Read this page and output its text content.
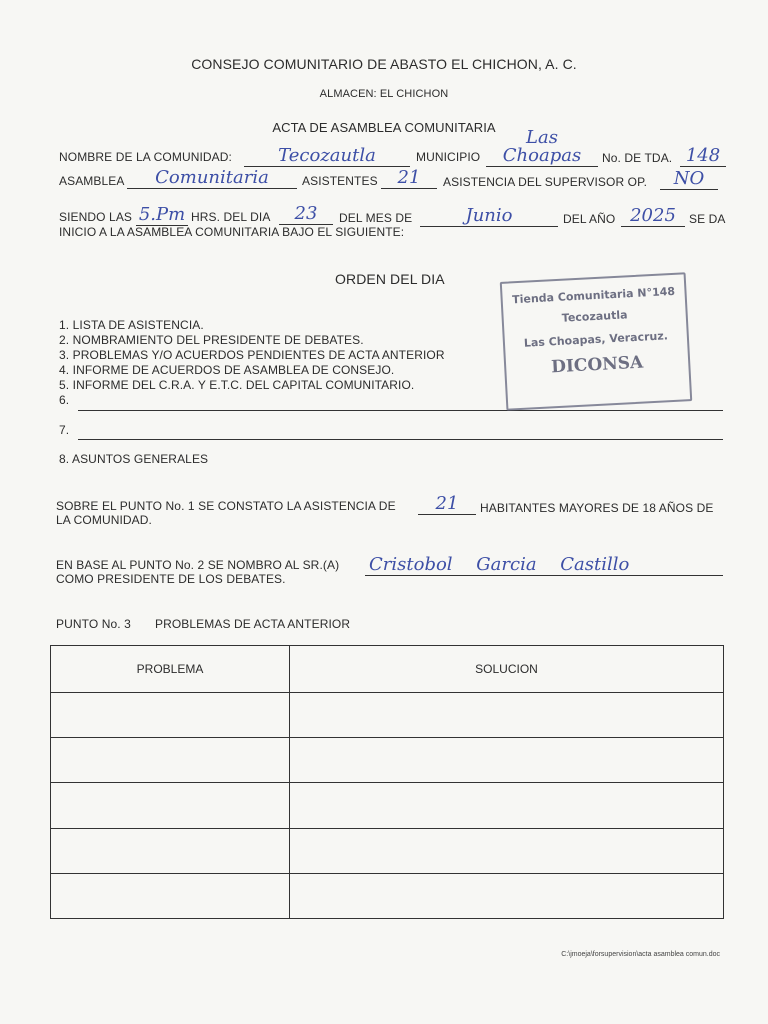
CONSEJO COMUNITARIO DE ABASTO EL CHICHON, A. C.
ALMACEN: EL CHICHON
ACTA DE ASAMBLEA COMUNITARIA
NOMBRE DE LA COMUNIDAD:	Tecozautla	MUNICIPIO
Las Choapas	No. DE TDA. 148
ASAMBLEA	Comunitaria	ASISTENTES	21	ASISTENCIA DEL SUPERVISOR OP.	NO
SIENDO LAS 5.Pm HRS. DEL DIA	23	DEL MES DE	Junio	DEL AÑO 2025	SE DA
INICIO A LA ASAMBLEA COMUNITARIA BAJO EL SIGUIENTE:
ORDEN DEL DIA
1. LISTA DE ASISTENCIA.
2. NOMBRAMIENTO DEL PRESIDENTE DE DEBATES.
3. PROBLEMAS Y/O ACUERDOS PENDIENTES DE ACTA ANTERIOR
4. INFORME DE ACUERDOS DE ASAMBLEA DE CONSEJO.
5. INFORME DEL C.R.A. Y E.T.C. DEL CAPITAL COMUNITARIO.
6.
7.
8. ASUNTOS GENERALES
Tienda Comunitaria N°148
Tecozautla
Las Choapas, Veracruz.
DICONSA
SOBRE EL PUNTO No. 1 SE CONSTATO LA ASISTENCIA DE	21	HABITANTES MAYORES DE 18 AÑOS DE
LA COMUNIDAD.
EN BASE AL PUNTO No. 2 SE NOMBRO AL SR.(A) Cristobol Garcia Castillo
COMO PRESIDENTE DE LOS DEBATES.
PUNTO No. 3 PROBLEMAS DE ACTA ANTERIOR
PROBLEMA	SOLUCION

C:\jmoeja\forsupervision\acta asamblea comun.doc
